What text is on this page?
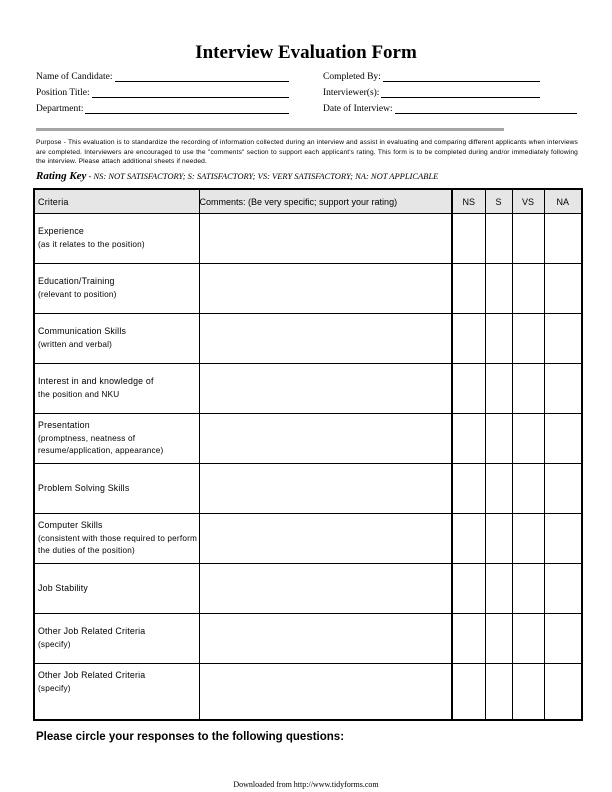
Interview Evaluation Form
Name of Candidate:
Position Title:
Department:
Completed By:
Interviewer(s):
Date of Interview:
Purpose - This evaluation is to standardize the recording of information collected during an interview and assist in evaluating and comparing different applicants when interviews are completed. Interviewers are encouraged to use the "comments" section to support each applicant's rating. This form is to be completed during and/or immediately following the interview. Please attach additional sheets if needed.
Rating Key - NS: NOT SATISFACTORY; S: SATISFACTORY; VS: VERY SATISFACTORY; NA: NOT APPLICABLE
Criteria	Comments: (Be very specific; support your rating)	NS	S	VS	NA

Experience
(as it relates to the position)					

Education/Training
(relevant to position)					

Communication Skills
(written and verbal)					

Interest in and knowledge of
the position and NKU					

Presentation
(promptness, neatness of resume/application, appearance)					

Problem Solving Skills					

Computer Skills
(consistent with those required to perform the duties of the position)					

Job Stability					

Other Job Related Criteria
(specify)					

Other Job Related Criteria
(specify)					

Please circle your responses to the following questions:
Downloaded from http://www.tidyforms.com
